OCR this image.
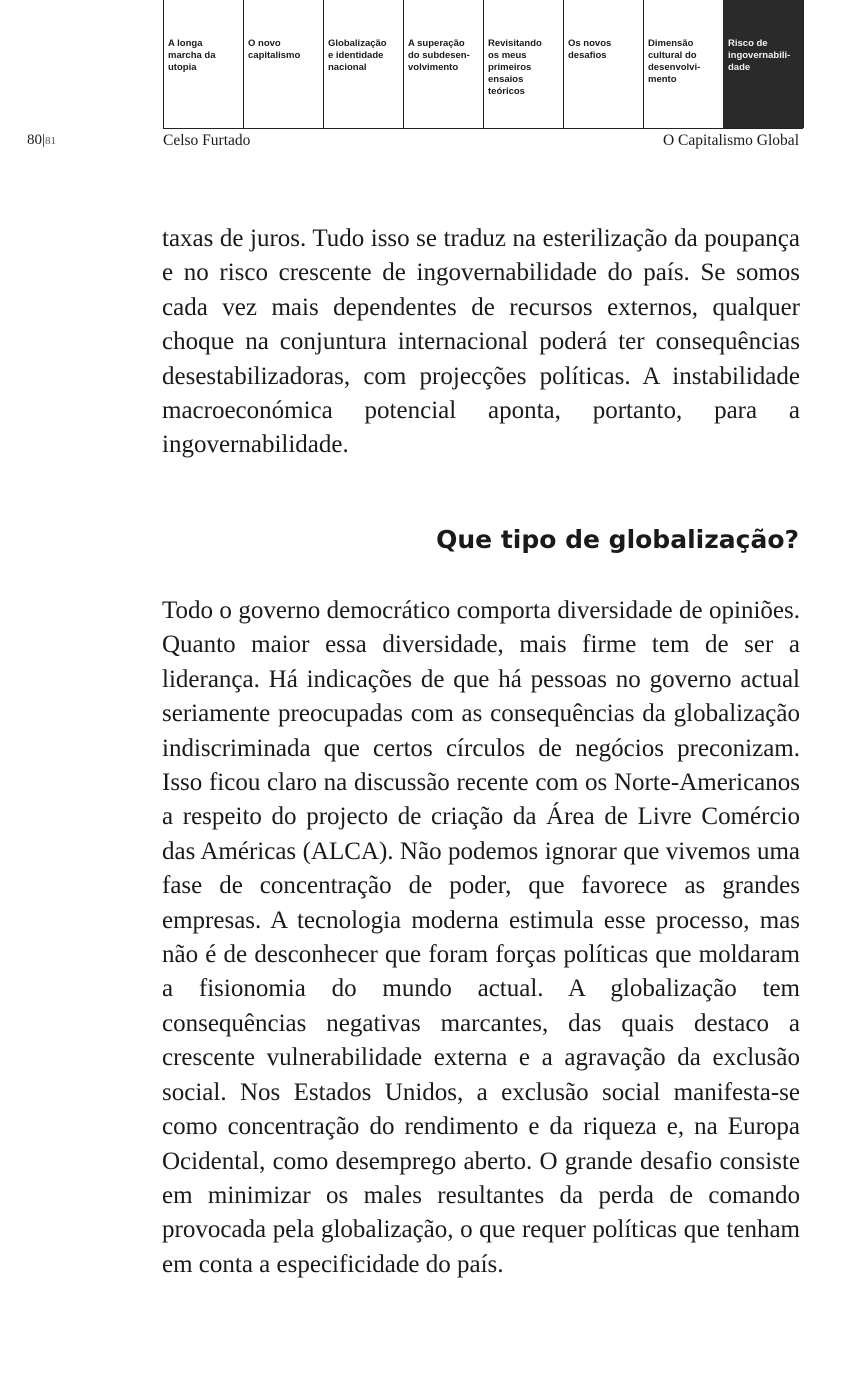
A longa
marcha da
utopia
O novo
capitalismo
Globalização
e identidade
nacional
A superação
do subdesen-
volvimento
Revisitando
os meus
primeiros
ensaios
teóricos
Os novos
desafios
Dimensão
cultural do
desenvolvi-
mento
Risco de
ingovernabili-
dade
80|81	Celso Furtado	O Capitalismo Global

taxas de juros. Tudo isso se traduz na esterilização da poupança e no risco crescente de ingovernabilidade do país. Se somos cada vez mais dependentes de recursos externos, qualquer choque na conjuntura internacional poderá ter consequências desestabilizadoras, com projecções políticas. A instabilidade macroeconómica potencial aponta, portanto, para a ingovernabilidade.

Que tipo de globalização?

Todo o governo democrático comporta diversidade de opiniões. Quanto maior essa diversidade, mais firme tem de ser a liderança. Há indicações de que há pessoas no governo actual seriamente preocupadas com as consequências da globalização indiscriminada que certos círculos de negócios preconizam. Isso ficou claro na discussão recente com os Norte-Americanos a respeito do projecto de criação da Área de Livre Comércio das Américas (ALCA). Não podemos ignorar que vivemos uma fase de concentração de poder, que favorece as grandes empresas. A tecnologia moderna estimula esse processo, mas não é de desconhecer que foram forças políticas que moldaram a fisionomia do mundo actual. A globalização tem consequências negativas marcantes, das quais destaco a crescente vulnerabilidade externa e a agravação da exclusão social. Nos Estados Unidos, a exclusão social manifesta-se como concentração do rendimento e da riqueza e, na Europa Ocidental, como desemprego aberto. O grande desafio consiste em minimizar os males resultantes da perda de comando provocada pela globalização, o que requer políticas que tenham em conta a especificidade do país.
